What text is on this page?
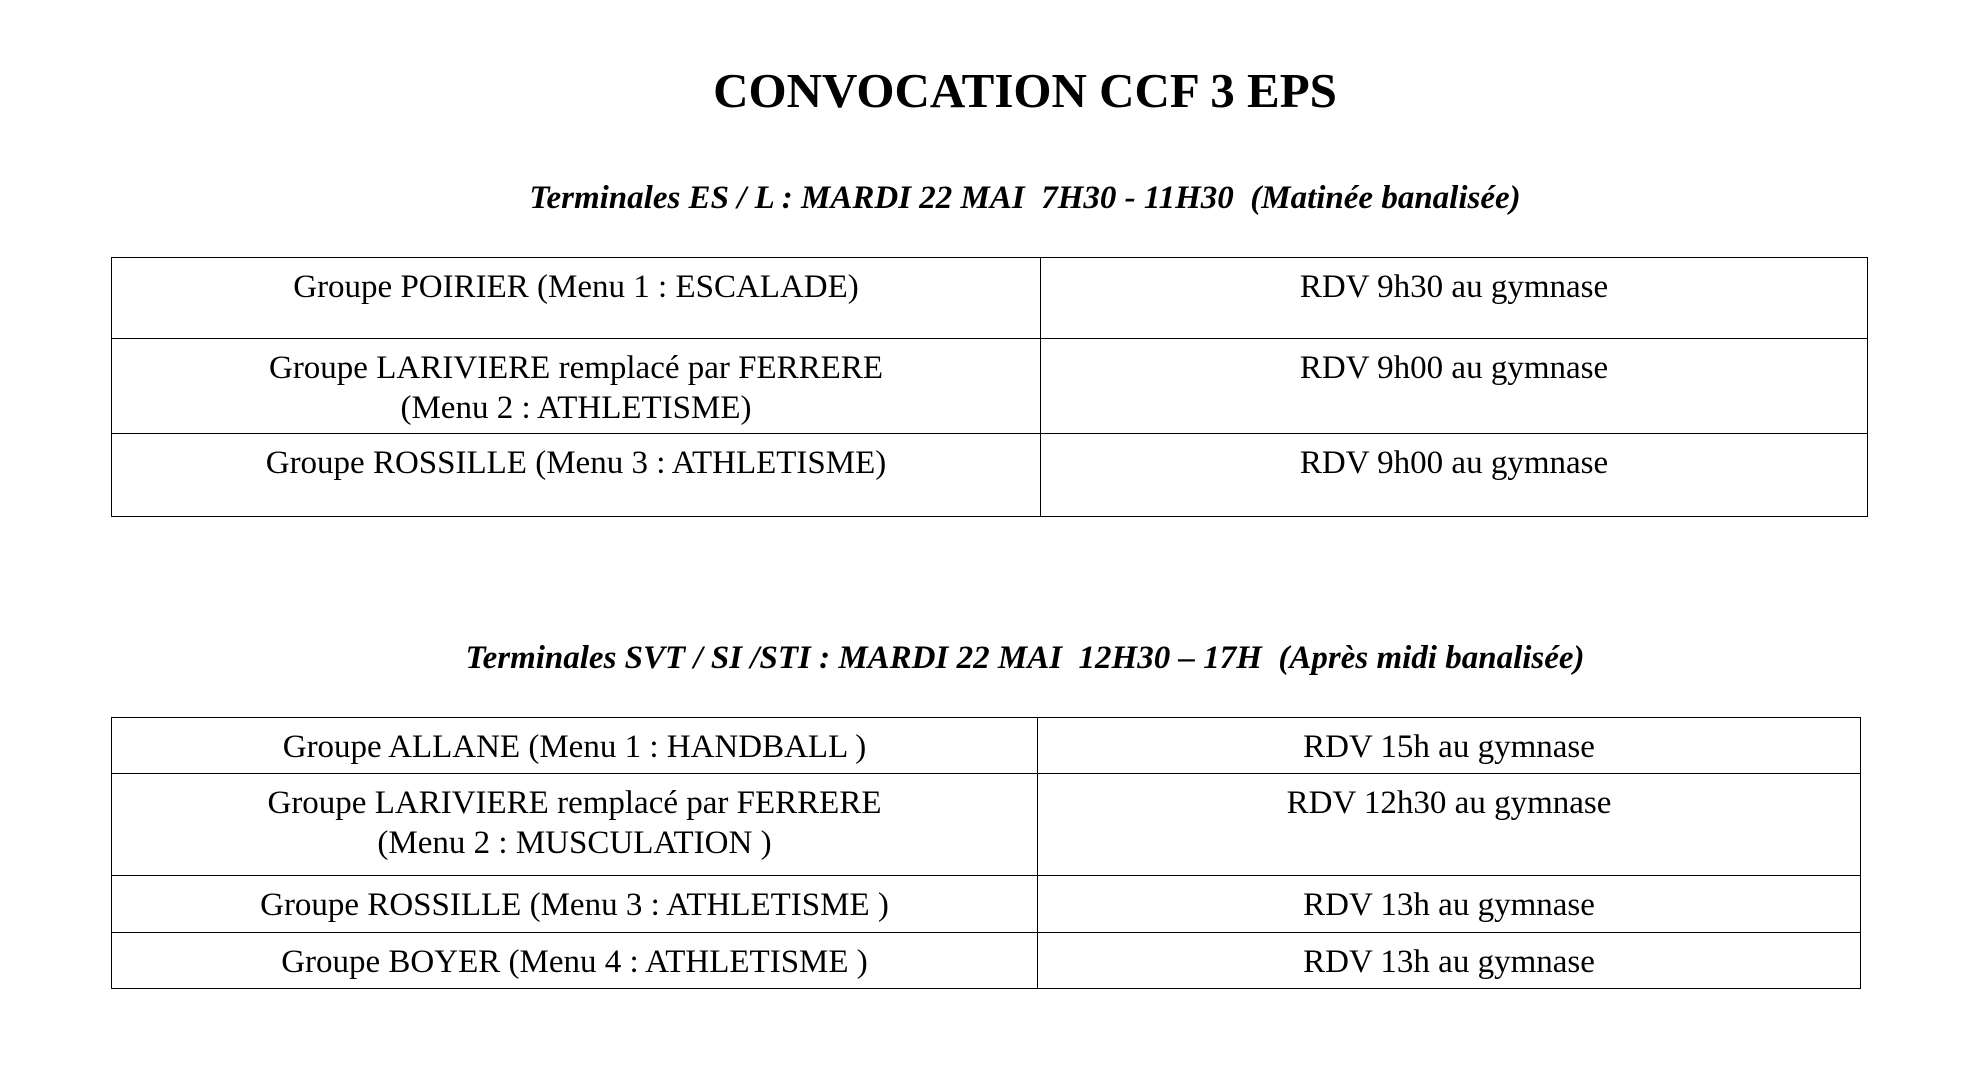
CONVOCATION CCF 3 EPS
Terminales ES / L : MARDI 22 MAI  7H30 - 11H30  (Matinée banalisée)
Groupe POIRIER (Menu 1 : ESCALADE)	RDV 9h30 au gymnase
Groupe LARIVIERE remplacé par FERRERE
(Menu 2 : ATHLETISME)	RDV 9h00 au gymnase
Groupe ROSSILLE (Menu 3 : ATHLETISME)	RDV 9h00 au gymnase
Terminales SVT / SI /STI : MARDI 22 MAI  12H30 – 17H  (Après midi banalisée)
Groupe ALLANE (Menu 1 : HANDBALL )	RDV 15h au gymnase
Groupe LARIVIERE remplacé par FERRERE
(Menu 2 : MUSCULATION )	RDV 12h30 au gymnase
Groupe ROSSILLE (Menu 3 : ATHLETISME )	RDV 13h au gymnase
Groupe BOYER (Menu 4 : ATHLETISME )	RDV 13h au gymnase
